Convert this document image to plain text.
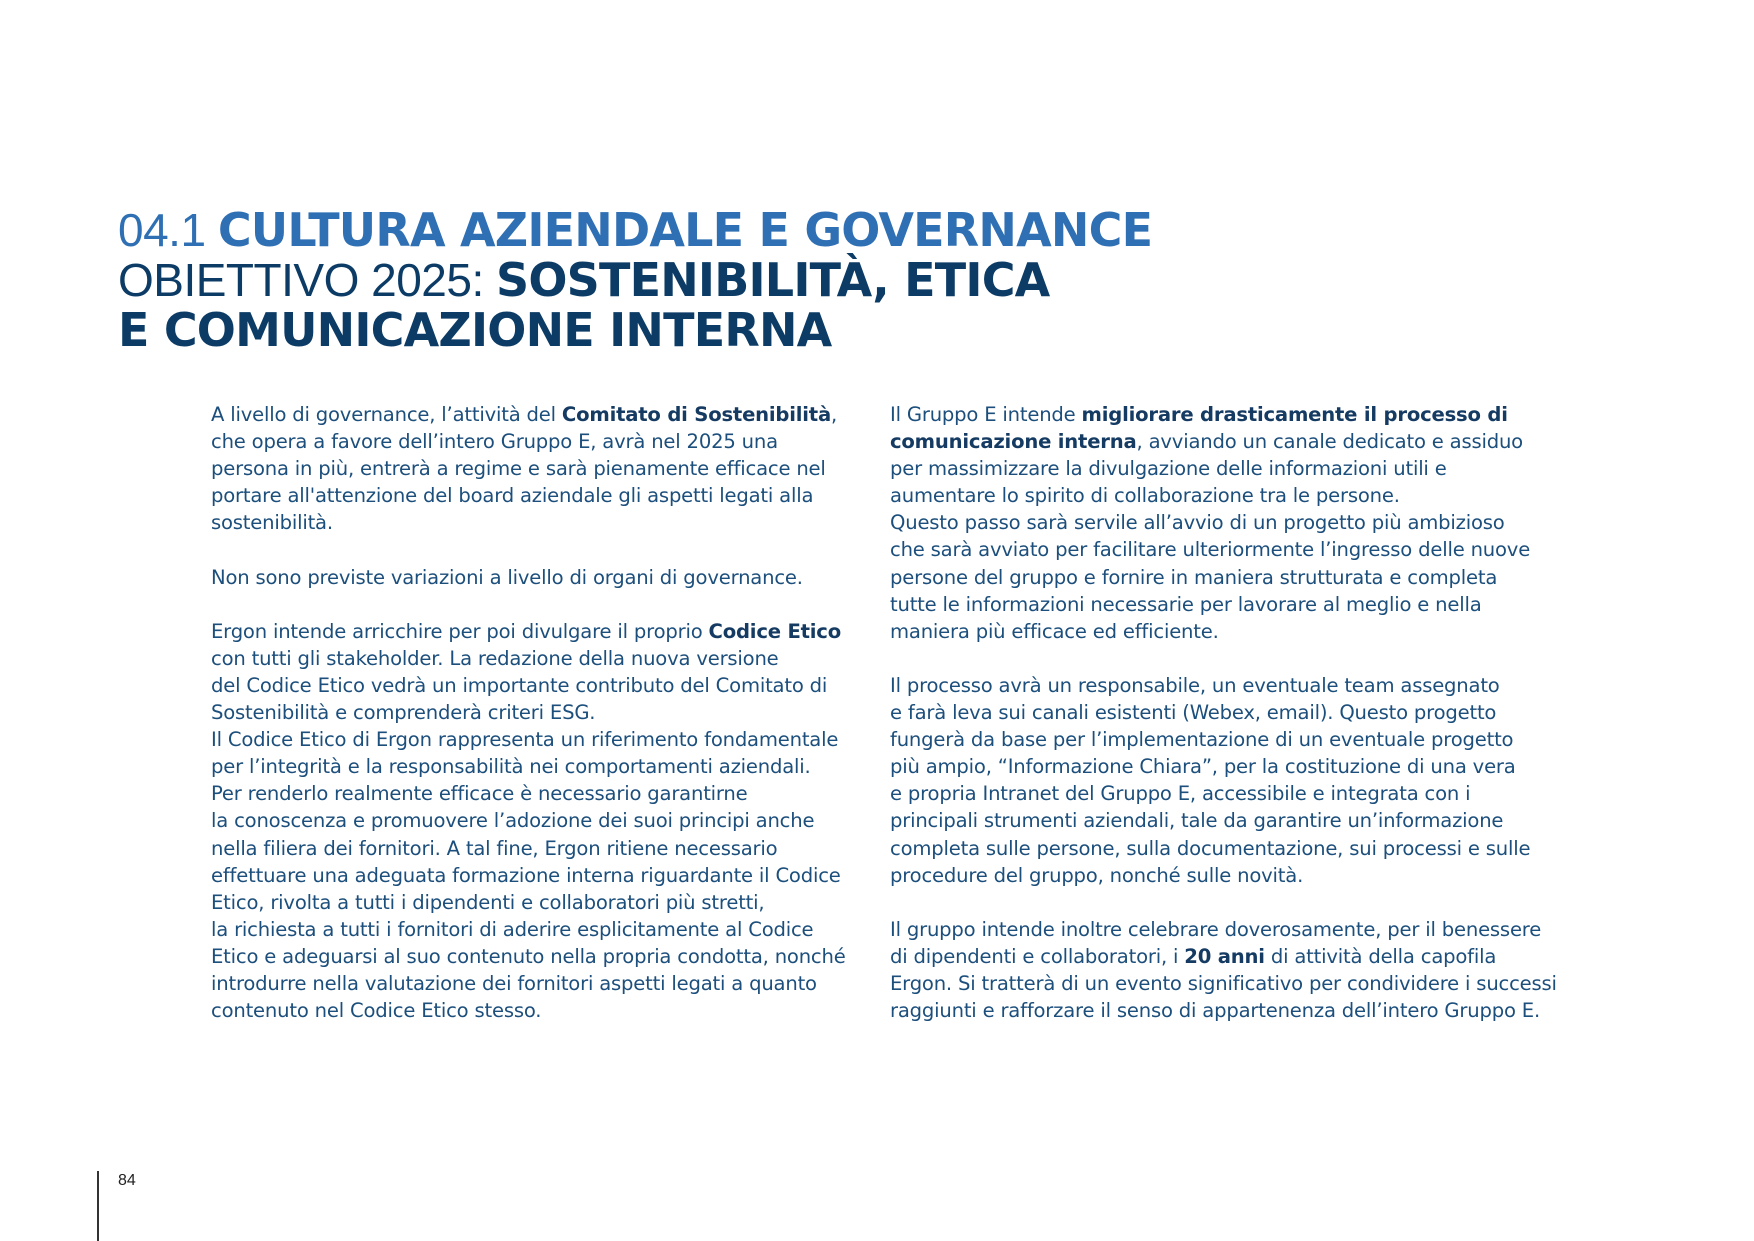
04.1 CULTURA AZIENDALE E GOVERNANCE
OBIETTIVO 2025: SOSTENIBILITÀ, ETICA
E COMUNICAZIONE INTERNA

A livello di governance, l’attività del Comitato di Sostenibilità,
che opera a favore dell’intero Gruppo E, avrà nel 2025 una
persona in più, entrerà a regime e sarà pienamente efficace nel
portare all'attenzione del board aziendale gli aspetti legati alla
sostenibilità.

Non sono previste variazioni a livello di organi di governance.

Ergon intende arricchire per poi divulgare il proprio Codice Etico
con tutti gli stakeholder. La redazione della nuova versione
del Codice Etico vedrà un importante contributo del Comitato di
Sostenibilità e comprenderà criteri ESG.
Il Codice Etico di Ergon rappresenta un riferimento fondamentale
per l’integrità e la responsabilità nei comportamenti aziendali.
Per renderlo realmente efficace è necessario garantirne
la conoscenza e promuovere l’adozione dei suoi principi anche
nella filiera dei fornitori. A tal fine, Ergon ritiene necessario
effettuare una adeguata formazione interna riguardante il Codice
Etico, rivolta a tutti i dipendenti e collaboratori più stretti,
la richiesta a tutti i fornitori di aderire esplicitamente al Codice
Etico e adeguarsi al suo contenuto nella propria condotta, nonché
introdurre nella valutazione dei fornitori aspetti legati a quanto
contenuto nel Codice Etico stesso.

Il Gruppo E intende migliorare drasticamente il processo di
comunicazione interna, avviando un canale dedicato e assiduo
per massimizzare la divulgazione delle informazioni utili e
aumentare lo spirito di collaborazione tra le persone.
Questo passo sarà servile all’avvio di un progetto più ambizioso
che sarà avviato per facilitare ulteriormente l’ingresso delle nuove
persone del gruppo e fornire in maniera strutturata e completa
tutte le informazioni necessarie per lavorare al meglio e nella
maniera più efficace ed efficiente.

Il processo avrà un responsabile, un eventuale team assegnato
e farà leva sui canali esistenti (Webex, email). Questo progetto
fungerà da base per l’implementazione di un eventuale progetto
più ampio, “Informazione Chiara”, per la costituzione di una vera
e propria Intranet del Gruppo E, accessibile e integrata con i
principali strumenti aziendali, tale da garantire un’informazione
completa sulle persone, sulla documentazione, sui processi e sulle
procedure del gruppo, nonché sulle novità.

Il gruppo intende inoltre celebrare doverosamente, per il benessere
di dipendenti e collaboratori, i 20 anni di attività della capofila
Ergon. Si tratterà di un evento significativo per condividere i successi
raggiunti e rafforzare il senso di appartenenza dell’intero Gruppo E.

84
